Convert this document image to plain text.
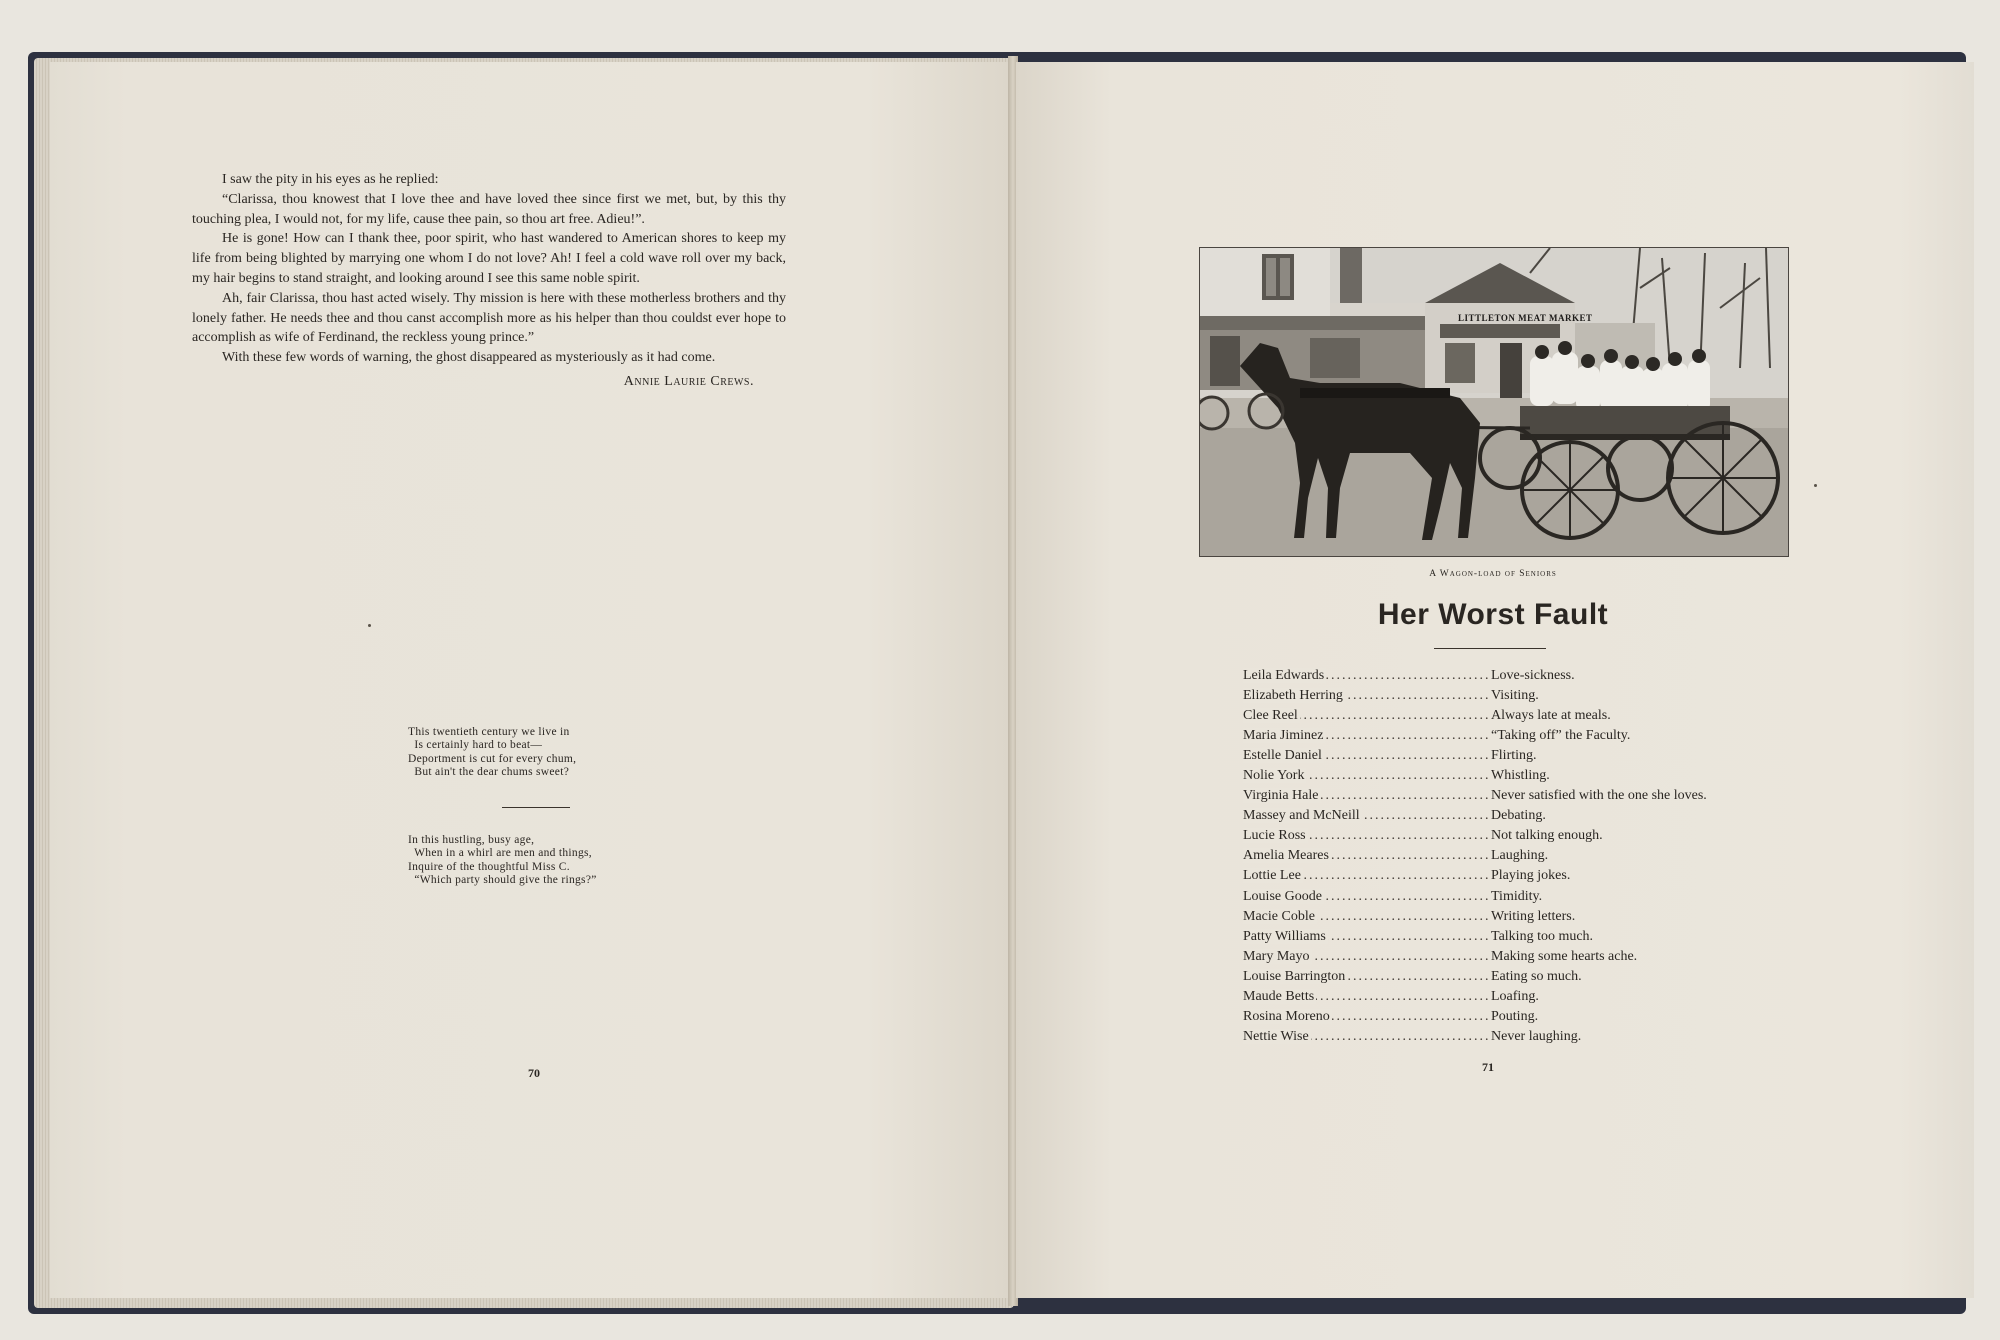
I saw the pity in his eyes as he replied:

“Clarissa, thou knowest that I love thee and have loved thee since first we met, but, by this thy touching plea, I would not, for my life, cause thee pain, so thou art free. Adieu!”.

He is gone! How can I thank thee, poor spirit, who hast wandered to American shores to keep my life from being blighted by marrying one whom I do not love? Ah! I feel a cold wave roll over my back, my hair begins to stand straight, and looking around I see this same noble spirit.

Ah, fair Clarissa, thou hast acted wisely. Thy mission is here with these motherless brothers and thy lonely father. He needs thee and thou canst accomplish more as his helper than thou couldst ever hope to accomplish as wife of Ferdinand, the reckless young prince.”

With these few words of warning, the ghost disappeared as mysteriously as it had come.

Annie Laurie Crews.
This twentieth century we live in
Is certainly hard to beat—
Deportment is cut for every chum,
But ain't the dear chums sweet?
In this hustling, busy age,
When in a whirl are men and things,
Inquire of the thoughtful Miss C.
“Which party should give the rings?”
70
LITTLETON MEAT MARKET
A Wagon-load of Seniors
Her Worst Fault
Leila Edwards .....	Love-sickness.
Elizabeth Herring .....	Visiting.
Clee Reel .....	Always late at meals.
Maria Jiminez .....	“Taking off” the Faculty.
Estelle Daniel .....	Flirting.
Nolie York .....	Whistling.
Virginia Hale .....	Never satisfied with the one she loves.
Massey and McNeill .....	Debating.
Lucie Ross .....	Not talking enough.
Amelia Meares .....	Laughing.
Lottie Lee .....	Playing jokes.
Louise Goode .....	Timidity.
Macie Coble .....	Writing letters.
Patty Williams .....	Talking too much.
Mary Mayo .....	Making some hearts ache.
Louise Barrington .....	Eating so much.
Maude Betts .....	Loafing.
Rosina Moreno .....	Pouting.
Nettie Wise .....	Never laughing.
71
